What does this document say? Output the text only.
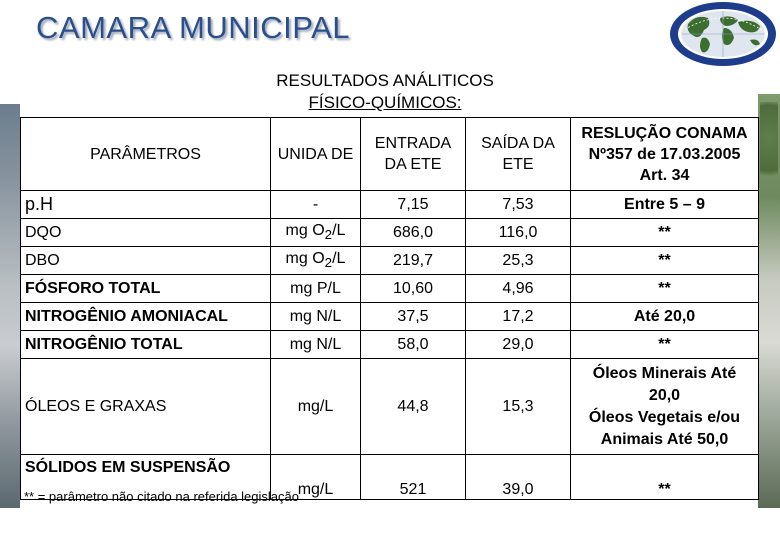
CAMARA MUNICIPAL
RESULTADOS ANÁLITICOS
FÍSICO-QUÍMICOS:
PARÂMETROS	UNIDA DE	ENTRADA DA ETE	SAÍDA DA ETE	RESLUÇÃO CONAMA Nº357 de 17.03.2005 Art. 34
p.H	-	7,15	7,53	Entre 5 – 9
DQO	mg $O_2/L$	686,0	116,0	**
DBO	mg $O_2/L$	219,7	25,3	**
FÓSFORO TOTAL	mg P/L	10,60	4,96	**
NITROGÊNIO AMONIACAL	mg N/L	37,5	17,2	Até 20,0
NITROGÊNIO TOTAL	mg N/L	58,0	29,0	**
ÓLEOS E GRAXAS	mg/L	44,8	15,3	Óleos Minerais Até 20,0
Óleos Vegetais e/ou Animais Até 50,0

SÓLIDOS EM SUSPENSÃO	mg/L	521	39,0	**
** = parâmetro não citado na referida legislação
